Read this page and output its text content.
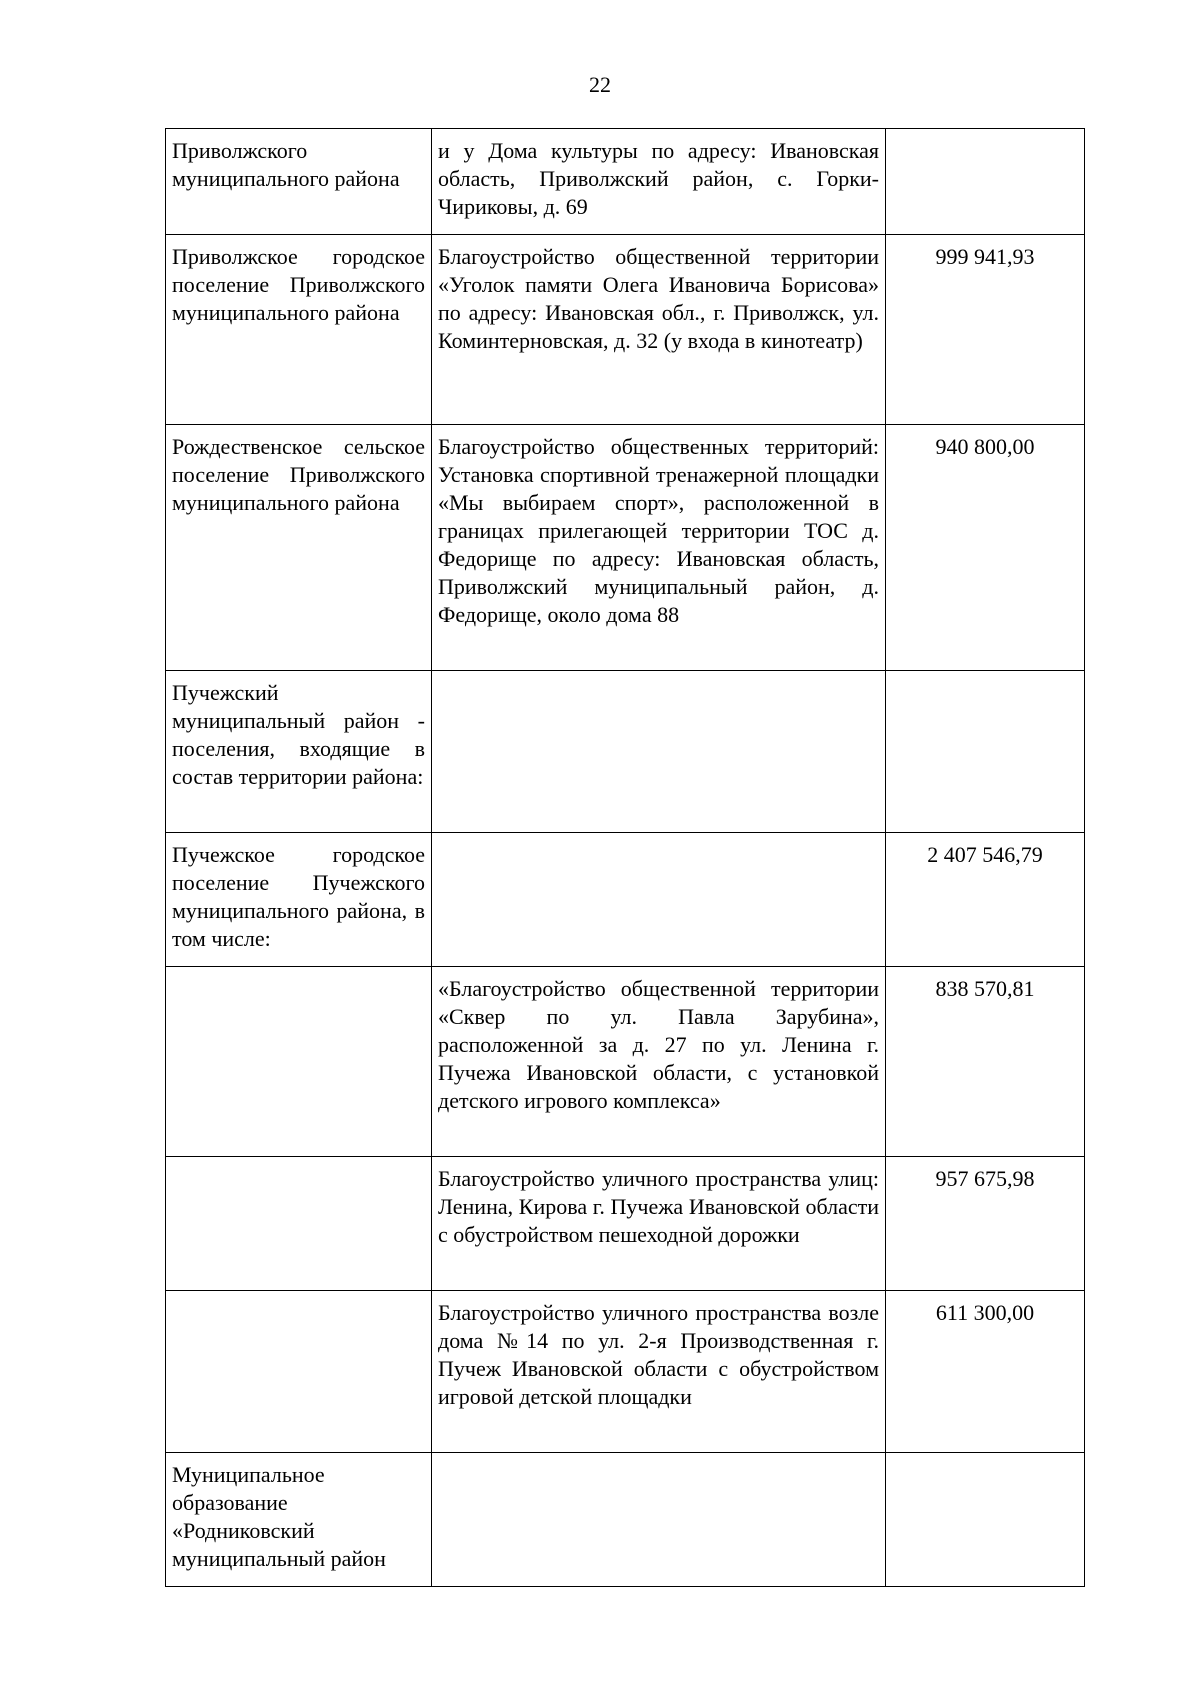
22
Приволжского муниципального района	и у Дома культуры по адресу: Ивановская область, Приволжский район, с. Горки-Чириковы, д. 69	
Приволжское городское поселение Приволжского муниципального района	Благоустройство общественной территории «Уголок памяти Олега Ивановича Борисова» по адресу: Ивановская обл., г. Приволжск, ул. Коминтерновская, д. 32 (у входа в кинотеатр)	999 941,93
Рождественское сельское поселение Приволжского муниципального района	Благоустройство общественных территорий: Установка спортивной тренажерной площадки «Мы выбираем спорт», расположенной в границах прилегающей территории ТОС д. Федорище по адресу: Ивановская область, Приволжский муниципальный район, д. Федорище, около дома 88	940 800,00
Пучежский муниципальный район - поселения, входящие в состав территории района:		
Пучежское городское поселение Пучежского муниципального района, в том числе:		2 407 546,79
	«Благоустройство общественной территории «Сквер по ул. Павла Зарубина», расположенной за д. 27 по ул. Ленина г. Пучежа Ивановской области, с установкой детского игрового комплекса»	838 570,81
	Благоустройство уличного пространства улиц: Ленина, Кирова г. Пучежа Ивановской области с обустройством пешеходной дорожки	957 675,98
	Благоустройство уличного пространства возле дома №14 по ул. 2-я Производственная г. Пучеж Ивановской области с обустройством игровой детской площадки	611 300,00
Муниципальное образование «Родниковский муниципальный район		
